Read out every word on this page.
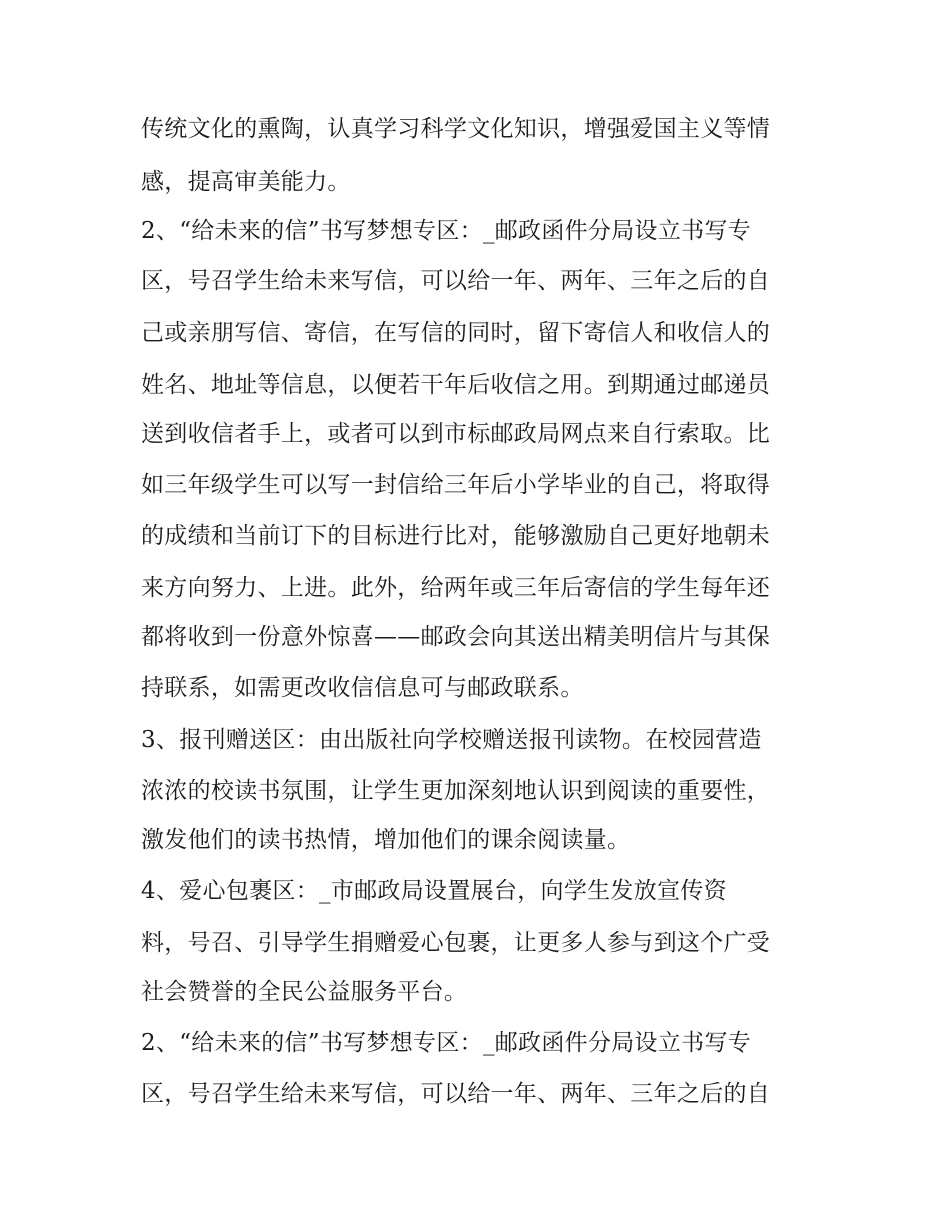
传统文化的熏陶，认真学习科学文化知识，增强爱国主义等情
感，提高审美能力。
2、“给未来的信”书写梦想专区：_邮政函件分局设立书写专
区，号召学生给未来写信，可以给一年、两年、三年之后的自
己或亲朋写信、寄信，在写信的同时，留下寄信人和收信人的
姓名、地址等信息，以便若干年后收信之用。到期通过邮递员
送到收信者手上，或者可以到市标邮政局网点来自行索取。比
如三年级学生可以写一封信给三年后小学毕业的自己，将取得
的成绩和当前订下的目标进行比对，能够激励自己更好地朝未
来方向努力、上进。此外，给两年或三年后寄信的学生每年还
都将收到一份意外惊喜——邮政会向其送出精美明信片与其保
持联系，如需更改收信信息可与邮政联系。
3、报刊赠送区：由出版社向学校赠送报刊读物。在校园营造
浓浓的校读书氛围，让学生更加深刻地认识到阅读的重要性，
激发他们的读书热情，增加他们的课余阅读量。
4、爱心包裹区：_市邮政局设置展台，向学生发放宣传资
料，号召、引导学生捐赠爱心包裹，让更多人参与到这个广受
社会赞誉的全民公益服务平台。
2、“给未来的信”书写梦想专区：_邮政函件分局设立书写专
区，号召学生给未来写信，可以给一年、两年、三年之后的自
